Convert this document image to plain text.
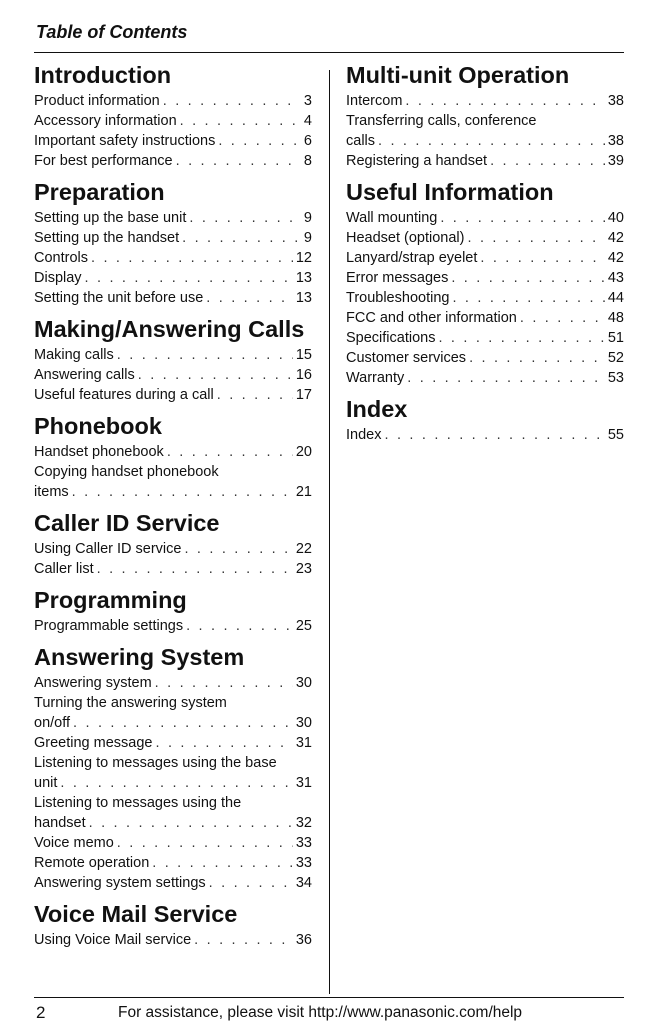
Table of Contents
Introduction
Product information . . .	3
Accessory information . . .	4
Important safety instructions . . .	6
For best performance . . .	8
Preparation
Setting up the base unit . . .	9
Setting up the handset . . .	9
Controls . . .	12
Display . . .	13
Setting the unit before use . . .	13
Making/Answering Calls
Making calls . . .	15
Answering calls . . .	16
Useful features during a call . . .	17
Phonebook
Handset phonebook . . .	20
Copying handset phonebook
items . . .	21
Caller ID Service
Using Caller ID service . . .	22
Caller list . . .	23
Programming
Programmable settings . . .	25
Answering System
Answering system . . .	30
Turning the answering system
on/off . . .	30
Greeting message . . .	31
Listening to messages using the base
unit . . .	31
Listening to messages using the
handset . . .	32
Voice memo . . .	33
Remote operation . . .	33
Answering system settings . . .	34
Voice Mail Service
Using Voice Mail service . . .	36
Multi-unit Operation
Intercom . . .	38
Transferring calls, conference
calls . . .	38
Registering a handset . . .	39
Useful Information
Wall mounting . . .	40
Headset (optional) . . .	42
Lanyard/strap eyelet . . .	42
Error messages . . .	43
Troubleshooting . . .	44
FCC and other information . . .	48
Specifications . . .	51
Customer services . . .	52
Warranty . . .	53
Index
Index . . .	55
2	For assistance, please visit http://www.panasonic.com/help
